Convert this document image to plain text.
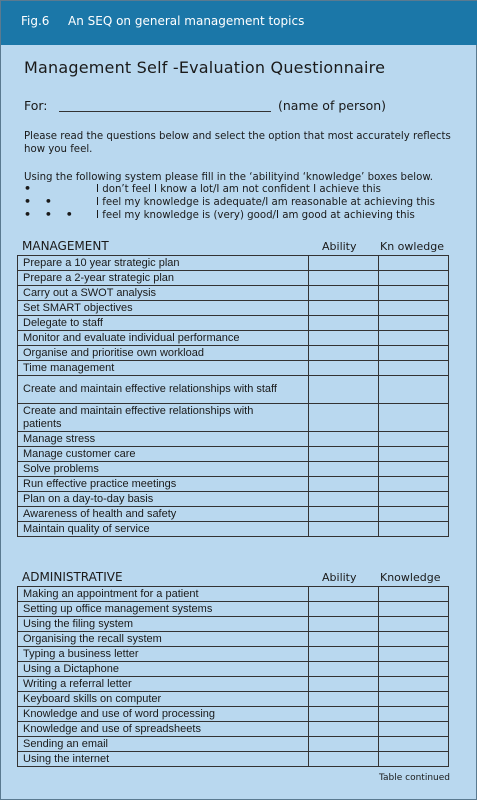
Fig.6 An SEQ on general management topics
Management Self -Evaluation Questionnaire
For:	(name of person)
Please read the questions below and select the option that most accurately reflects how you feel.
Using the following system please fill in the ‘abilityind ‘knowledge’ boxes below.
•	I don’t feel I know a lot/I am not confident I achieve this
• •	I feel my knowledge is adequate/I am reasonable at achieving this
• • • I feel my knowledge is (very) good/I am good at achieving this
MANAGEMENT	Ability Kn owledge
Prepare a 10 year strategic plan		
Prepare a 2-year strategic plan		
Carry out a SWOT analysis		
Set SMART objectives		
Delegate to staff		
Monitor and evaluate individual performance		
Organise and prioritise own workload		
Time management		
Create and maintain effective relationships with staff		
Create and maintain effective relationships with patients		
Manage stress		
Manage customer care		
Solve problems		
Run effective practice meetings		
Plan on a day-to-day basis		
Awareness of health and safety		
Maintain quality of service		
ADMINISTRATIVE	Ability Knowledge
Making an appointment for a patient		
Setting up office management systems		
Using the filing system		
Organising the recall system		
Typing a business letter		
Using a Dictaphone		
Writing a referral letter		
Keyboard skills on computer		
Knowledge and use of word processing		
Knowledge and use of spreadsheets		
Sending an email		
Using the internet		
Table continued
